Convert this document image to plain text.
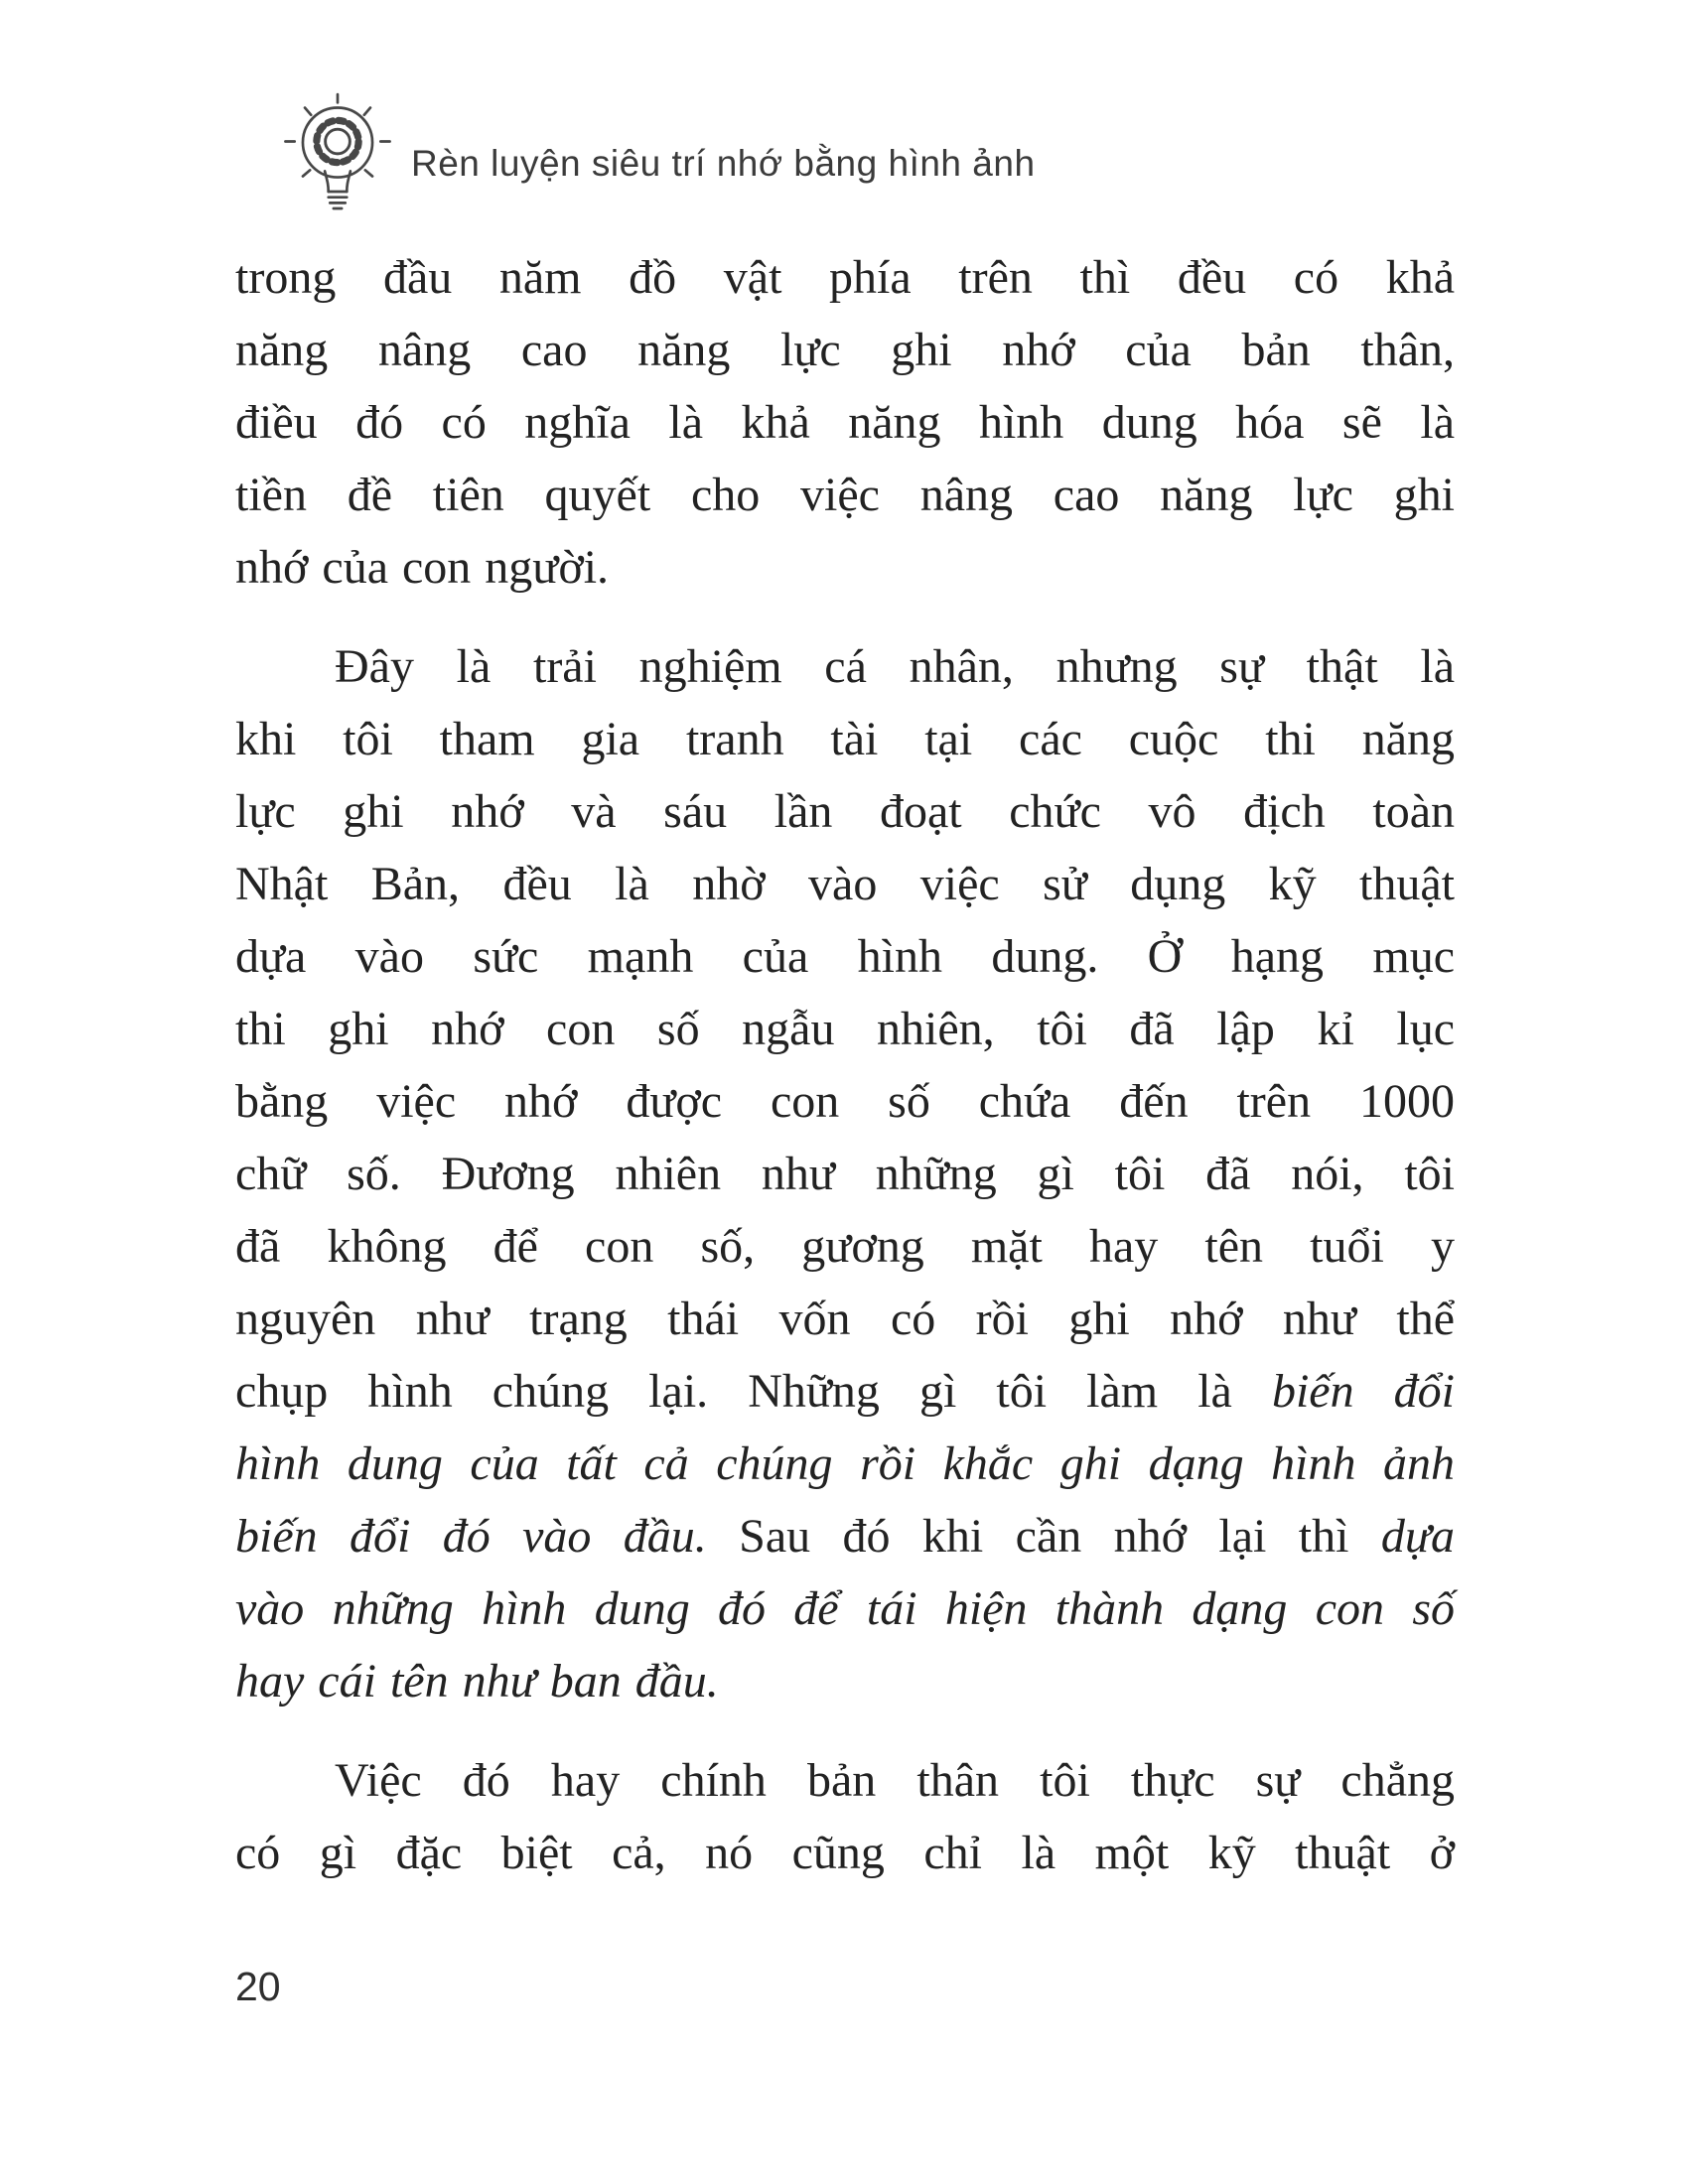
Rèn luyện siêu trí nhớ bằng hình ảnh
trong đầu năm đồ vật phía trên thì đều có khả
năng nâng cao năng lực ghi nhớ của bản thân,
điều đó có nghĩa là khả năng hình dung hóa sẽ là
tiền đề tiên quyết cho việc nâng cao năng lực ghi
nhớ của con người.
Đây là trải nghiệm cá nhân, nhưng sự thật là
khi tôi tham gia tranh tài tại các cuộc thi năng
lực ghi nhớ và sáu lần đoạt chức vô địch toàn
Nhật Bản, đều là nhờ vào việc sử dụng kỹ thuật
dựa vào sức mạnh của hình dung. Ở hạng mục
thi ghi nhớ con số ngẫu nhiên, tôi đã lập kỉ lục
bằng việc nhớ được con số chứa đến trên 1000
chữ số. Đương nhiên như những gì tôi đã nói, tôi
đã không để con số, gương mặt hay tên tuổi y
nguyên như trạng thái vốn có rồi ghi nhớ như thể
chụp hình chúng lại. Những gì tôi làm là biến đổi
hình dung của tất cả chúng rồi khắc ghi dạng hình ảnh
biến đổi đó vào đầu. Sau đó khi cần nhớ lại thì dựa
vào những hình dung đó để tái hiện thành dạng con số
hay cái tên như ban đầu.
Việc đó hay chính bản thân tôi thực sự chẳng
có gì đặc biệt cả, nó cũng chỉ là một kỹ thuật ở
20
